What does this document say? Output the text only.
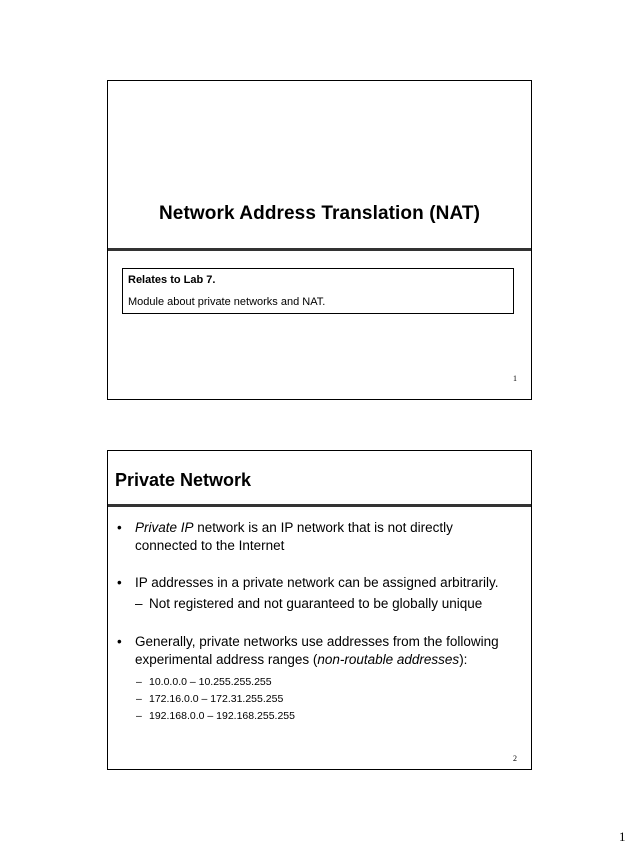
Network Address Translation (NAT)
Relates to Lab 7.
Module about private networks and NAT.
1
Private Network
• Private IP network is an IP network that is not directly
connected to the Internet
• IP addresses in a private network can be assigned arbitrarily.
– Not registered and not guaranteed to be globally unique
• Generally, private networks use addresses from the following
experimental address ranges (non-routable addresses):
– 10.0.0.0 – 10.255.255.255
– 172.16.0.0 – 172.31.255.255
– 192.168.0.0 – 192.168.255.255
2
1
